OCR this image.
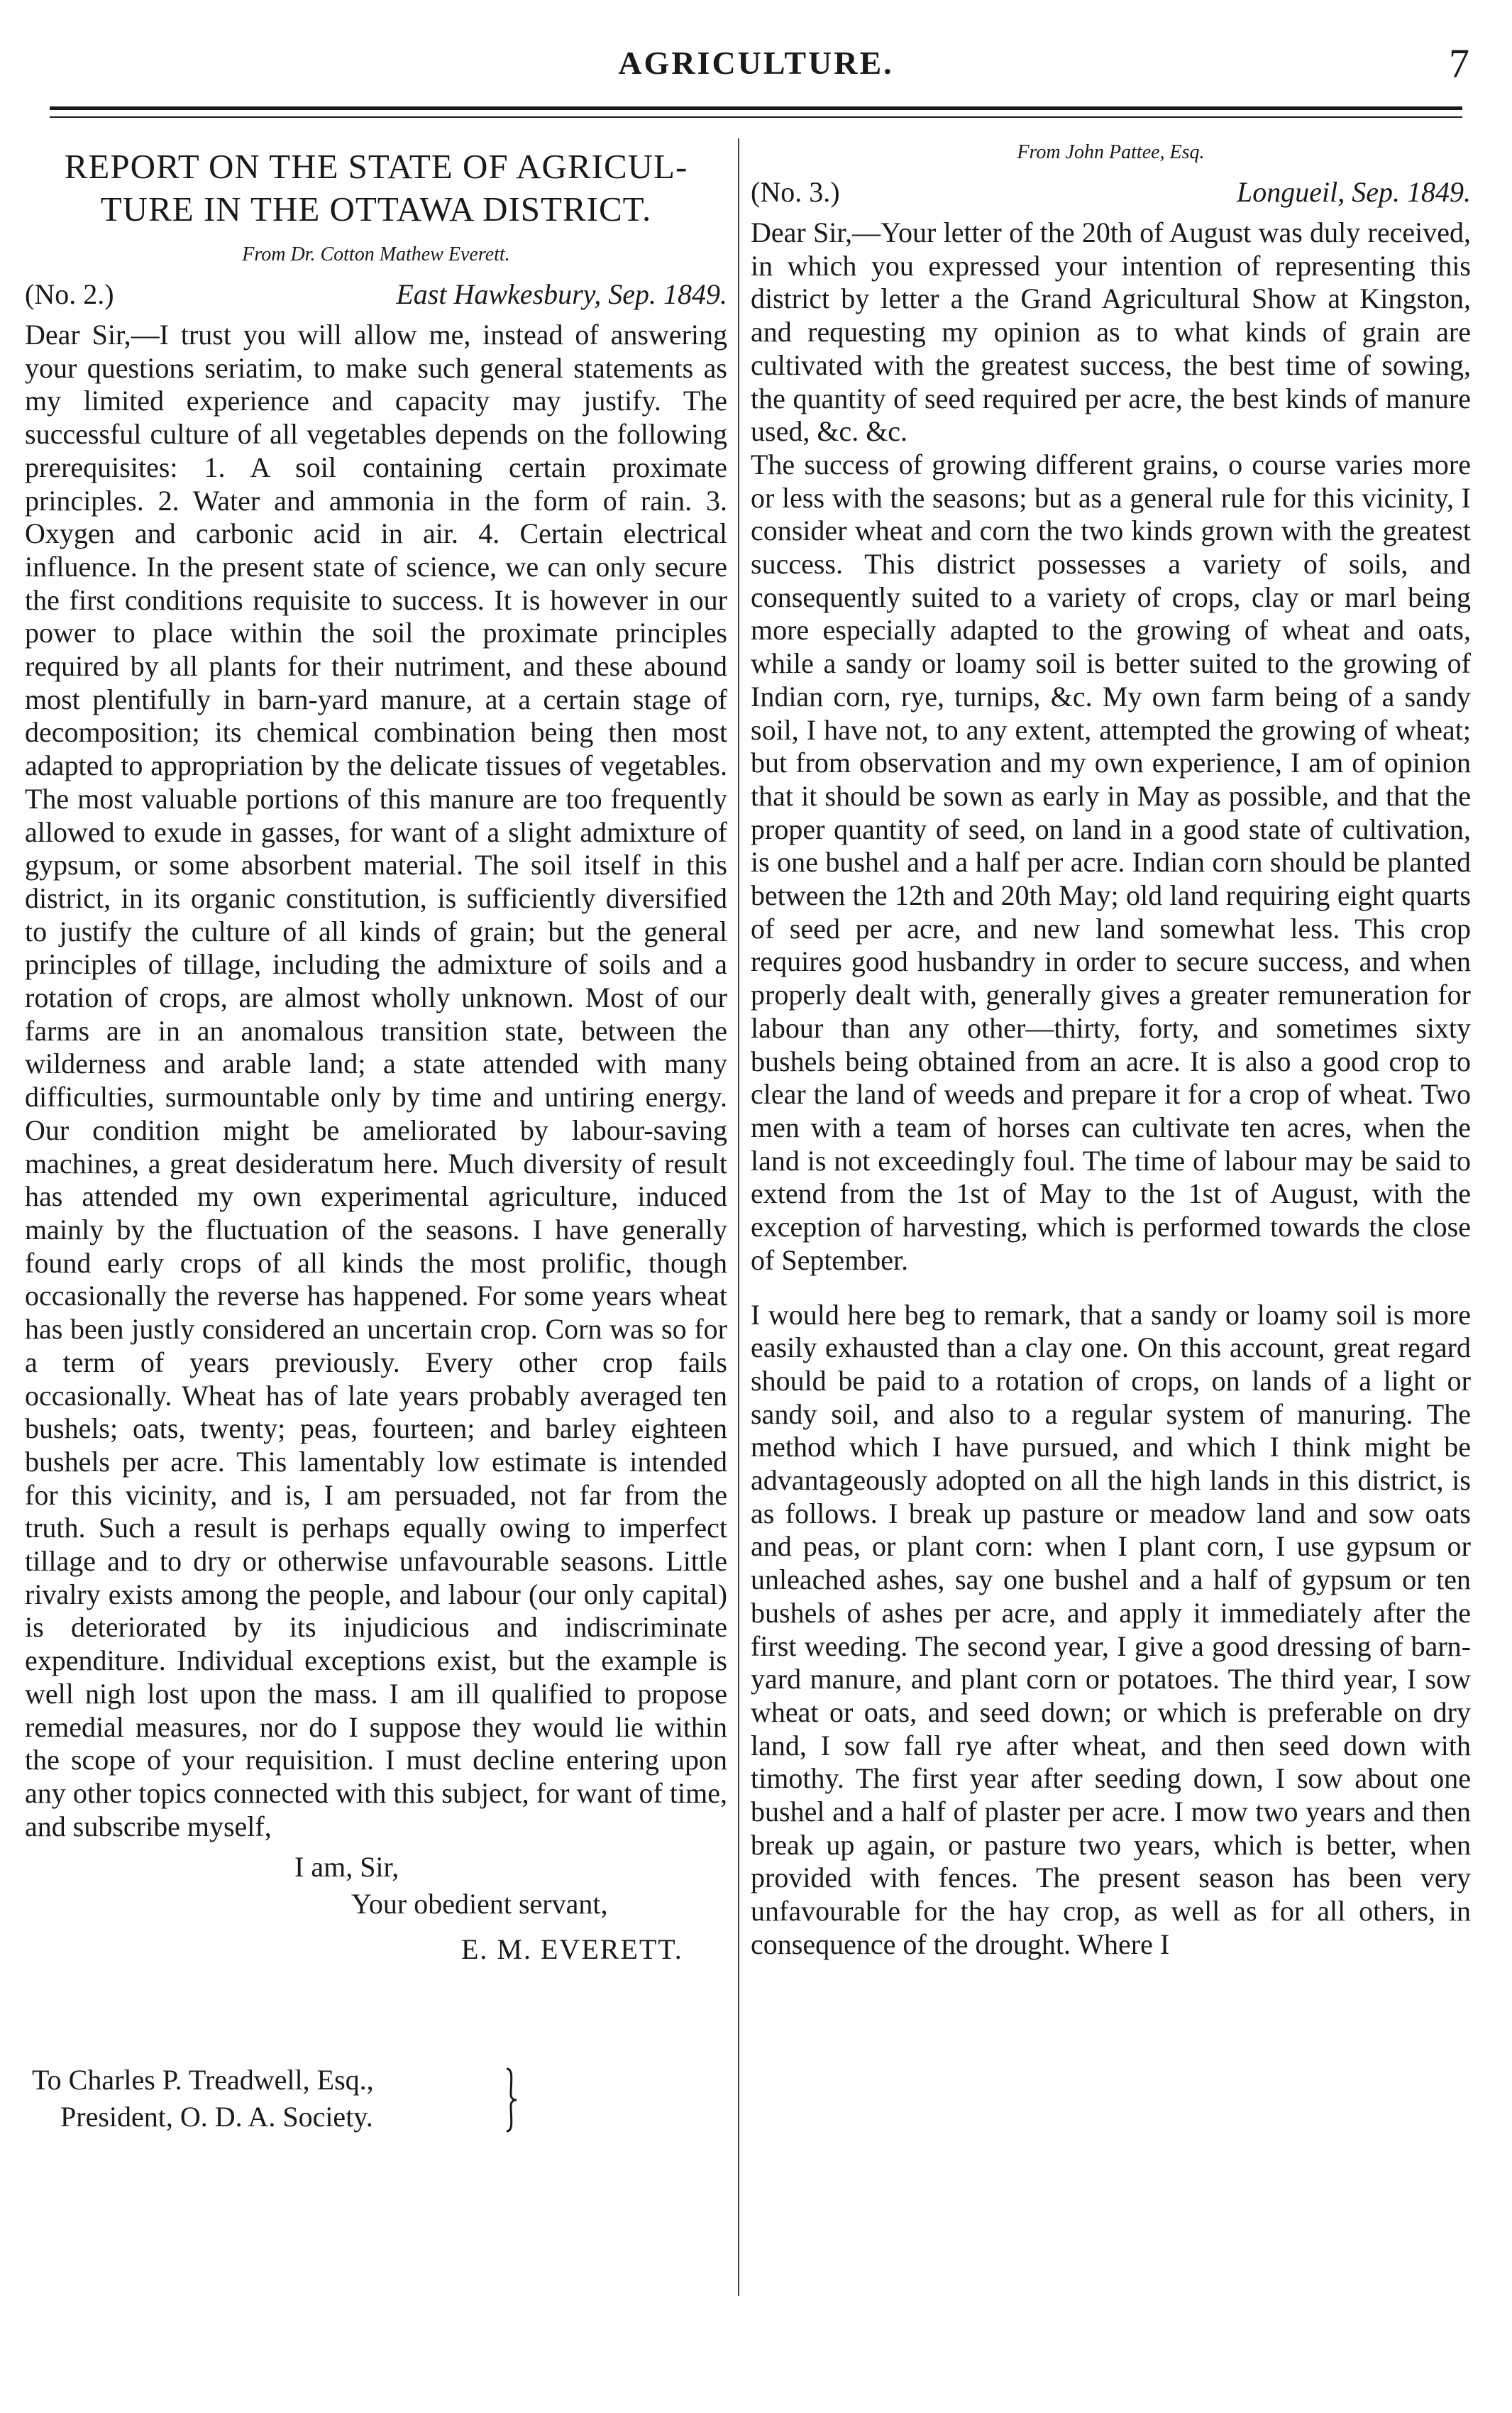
AGRICULTURE.	7
REPORT ON THE STATE OF AGRICUL-
TURE IN THE OTTAWA DISTRICT.
From Dr. Cotton Mathew Everett.
(No. 2.)	East Hawkesbury, Sep. 1849.

Dear Sir,—I trust you will allow me, instead of answering your questions seriatim, to make such general statements as my limited experience and capacity may justify. The successful culture of all vegetables depends on the following prerequisites: 1. A soil containing certain proximate principles. 2. Water and ammonia in the form of rain. 3. Oxygen and carbonic acid in air. 4. Certain electrical influence. In the present state of science, we can only secure the first conditions requisite to success. It is however in our power to place within the soil the proximate principles required by all plants for their nutriment, and these abound most plentifully in barn-yard manure, at a certain stage of decomposition; its chemical combination being then most adapted to appropriation by the delicate tissues of vegetables. The most valuable portions of this manure are too frequently allowed to exude in gasses, for want of a slight admixture of gypsum, or some absorbent material. The soil itself in this district, in its organic constitution, is sufficiently diversified to justify the culture of all kinds of grain; but the general principles of tillage, including the admixture of soils and a rotation of crops, are almost wholly unknown. Most of our farms are in an anomalous transition state, between the wilderness and arable land; a state attended with many difficulties, surmountable only by time and untiring energy. Our condition might be ameliorated by labour-saving machines, a great desideratum here. Much diversity of result has attended my own experimental agriculture, induced mainly by the fluctuation of the seasons. I have generally found early crops of all kinds the most prolific, though occasionally the reverse has happened. For some years wheat has been justly considered an uncertain crop. Corn was so for a term of years previously. Every other crop fails occasionally. Wheat has of late years probably averaged ten bushels; oats, twenty; peas, fourteen; and barley eighteen bushels per acre. This lamentably low estimate is intended for this vicinity, and is, I am persuaded, not far from the truth. Such a result is perhaps equally owing to imperfect tillage and to dry or otherwise unfavourable seasons. Little rivalry exists among the people, and labour (our only capital) is deteriorated by its injudicious and indiscriminate expenditure. Individual exceptions exist, but the example is well nigh lost upon the mass. I am ill qualified to propose remedial measures, nor do I suppose they would lie within the scope of your requisition. I must decline entering upon any other topics connected with this subject, for want of time, and subscribe myself,

I am, Sir,
Your obedient servant,
E. M. EVERETT.
To Charles P. Treadwell, Esq.,
President, O. D. A. Society.
From John Pattee, Esq.
(No. 3.)	Longueil, Sep. 1849.

Dear Sir,—Your letter of the 20th of August was duly received, in which you expressed your intention of representing this district by letter a the Grand Agricultural Show at Kingston, and requesting my opinion as to what kinds of grain are cultivated with the greatest success, the best time of sowing, the quantity of seed required per acre, the best kinds of manure used, &c. &c.

The success of growing different grains, o course varies more or less with the seasons; but as a general rule for this vicinity, I consider wheat and corn the two kinds grown with the greatest success. This district possesses a variety of soils, and consequently suited to a variety of crops, clay or marl being more especially adapted to the growing of wheat and oats, while a sandy or loamy soil is better suited to the growing of Indian corn, rye, turnips, &c. My own farm being of a sandy soil, I have not, to any extent, attempted the growing of wheat; but from observation and my own experience, I am of opinion that it should be sown as early in May as possible, and that the proper quantity of seed, on land in a good state of cultivation, is one bushel and a half per acre. Indian corn should be planted between the 12th and 20th May; old land requiring eight quarts of seed per acre, and new land somewhat less. This crop requires good husbandry in order to secure success, and when properly dealt with, generally gives a greater remuneration for labour than any other—thirty, forty, and sometimes sixty bushels being obtained from an acre. It is also a good crop to clear the land of weeds and prepare it for a crop of wheat. Two men with a team of horses can cultivate ten acres, when the land is not exceedingly foul. The time of labour may be said to extend from the 1st of May to the 1st of August, with the exception of harvesting, which is performed towards the close of September.

I would here beg to remark, that a sandy or loamy soil is more easily exhausted than a clay one. On this account, great regard should be paid to a rotation of crops, on lands of a light or sandy soil, and also to a regular system of manuring. The method which I have pursued, and which I think might be advantageously adopted on all the high lands in this district, is as follows. I break up pasture or meadow land and sow oats and peas, or plant corn: when I plant corn, I use gypsum or unleached ashes, say one bushel and a half of gypsum or ten bushels of ashes per acre, and apply it immediately after the first weeding. The second year, I give a good dressing of barn-yard manure, and plant corn or potatoes. The third year, I sow wheat or oats, and seed down; or which is preferable on dry land, I sow fall rye after wheat, and then seed down with timothy. The first year after seeding down, I sow about one bushel and a half of plaster per acre. I mow two years and then break up again, or pasture two years, which is better, when provided with fences. The present season has been very unfavourable for the hay crop, as well as for all others, in consequence of the drought. Where I
